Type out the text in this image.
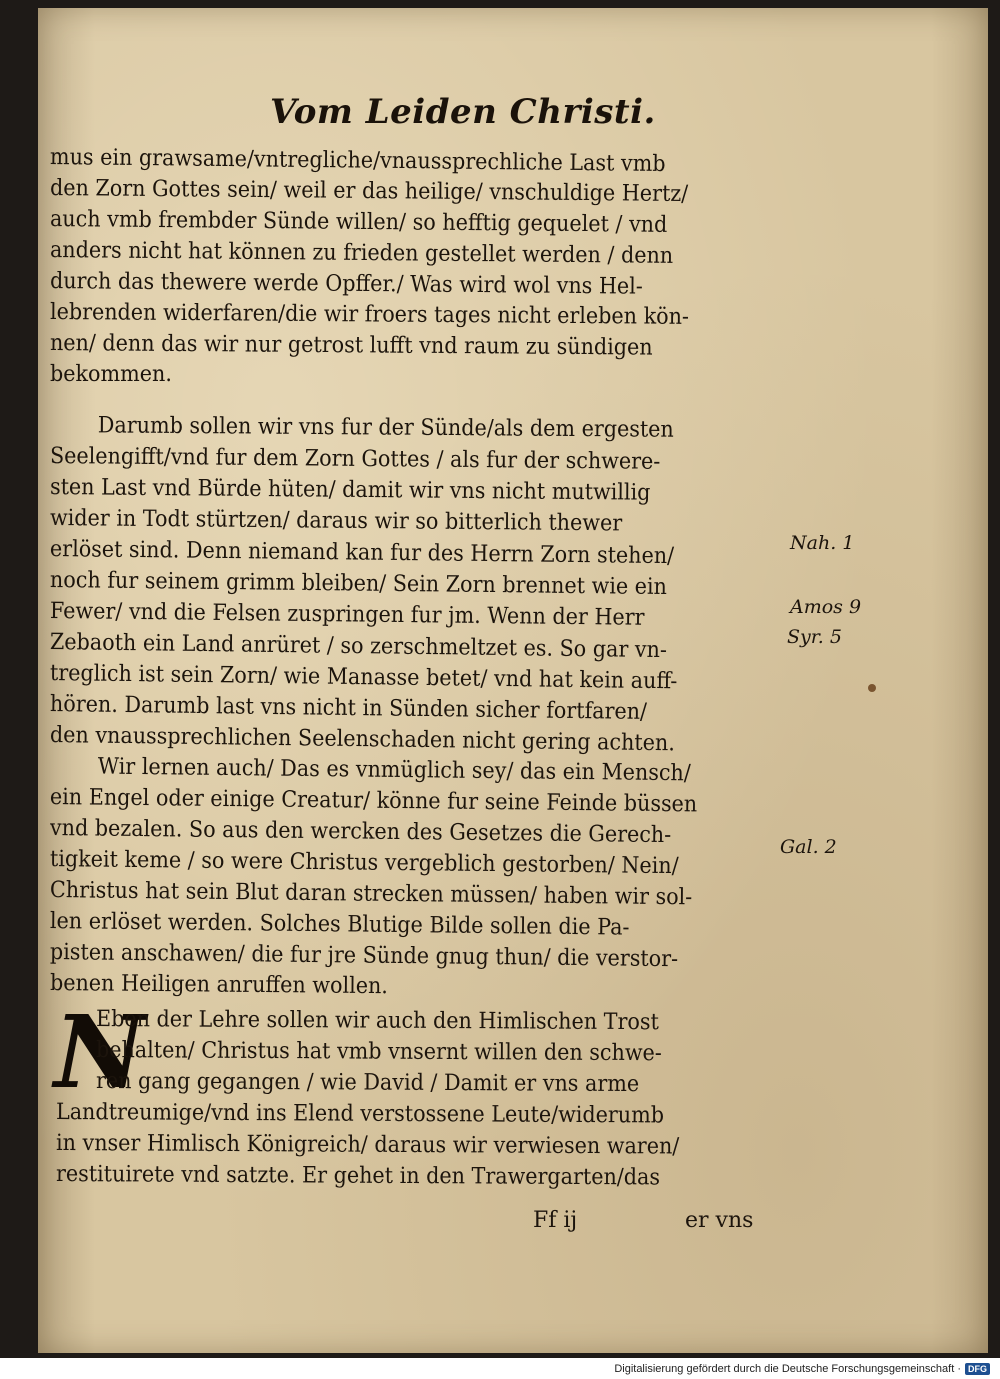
Vom Leiden Christi.
mus ein grawsame/vntregliche/vnaussprechliche Last vmb
den Zorn Gottes sein/ weil er das heilige/ vnschuldige Hertz/
auch vmb frembder Sünde willen/ so hefftig gequelet / vnd
anders nicht hat können zu frieden gestellet werden / denn
durch das thewere werde Opffer./ Was wird wol vns Hel-
lebrenden widerfaren/die wir froers tages nicht erleben kön-
nen/ denn das wir nur getrost lufft vnd raum zu sündigen
bekommen.
Darumb sollen wir vns fur der Sünde/als dem ergesten
Seelengifft/vnd fur dem Zorn Gottes / als fur der schwere-
sten Last vnd Bürde hüten/ damit wir vns nicht mutwillig
wider in Todt stürtzen/ daraus wir so bitterlich thewer
erlöset sind. Denn niemand kan fur des Herrn Zorn stehen/
noch fur seinem grimm bleiben/ Sein Zorn brennet wie ein
Fewer/ vnd die Felsen zuspringen fur jm. Wenn der Herr
Zebaoth ein Land anrüret / so zerschmeltzet es. So gar vn-
treglich ist sein Zorn/ wie Manasse betet/ vnd hat kein auff-
hören. Darumb last vns nicht in Sünden sicher fortfaren/
den vnaussprechlichen Seelenschaden nicht gering achten.
Wir lernen auch/ Das es vnmüglich sey/ das ein Mensch/
ein Engel oder einige Creatur/ könne fur seine Feinde büssen
vnd bezalen. So aus den wercken des Gesetzes die Gerech-
tigkeit keme / so were Christus vergeblich gestorben/ Nein/
Christus hat sein Blut daran strecken müssen/ haben wir sol-
len erlöset werden. Solches Blutige Bilde sollen die Pa-
pisten anschawen/ die fur jre Sünde gnug thun/ die verstor-
benen Heiligen anruffen wollen.
N
Eben der Lehre sollen wir auch den Himlischen Trost
behalten/ Christus hat vmb vnsernt willen den schwe-
ren gang gegangen / wie David / Damit er vns arme
Landtreumige/vnd ins Elend verstossene Leute/widerumb
in vnser Himlisch Königreich/ daraus wir verwiesen waren/
restituirete vnd satzte. Er gehet in den Trawergarten/das
Ff ij	er vns
Nah. 1
Amos 9
Syr. 5
Gal. 2
Digitalisierung gefördert durch die Deutsche Forschungsgemeinschaft · DFG
